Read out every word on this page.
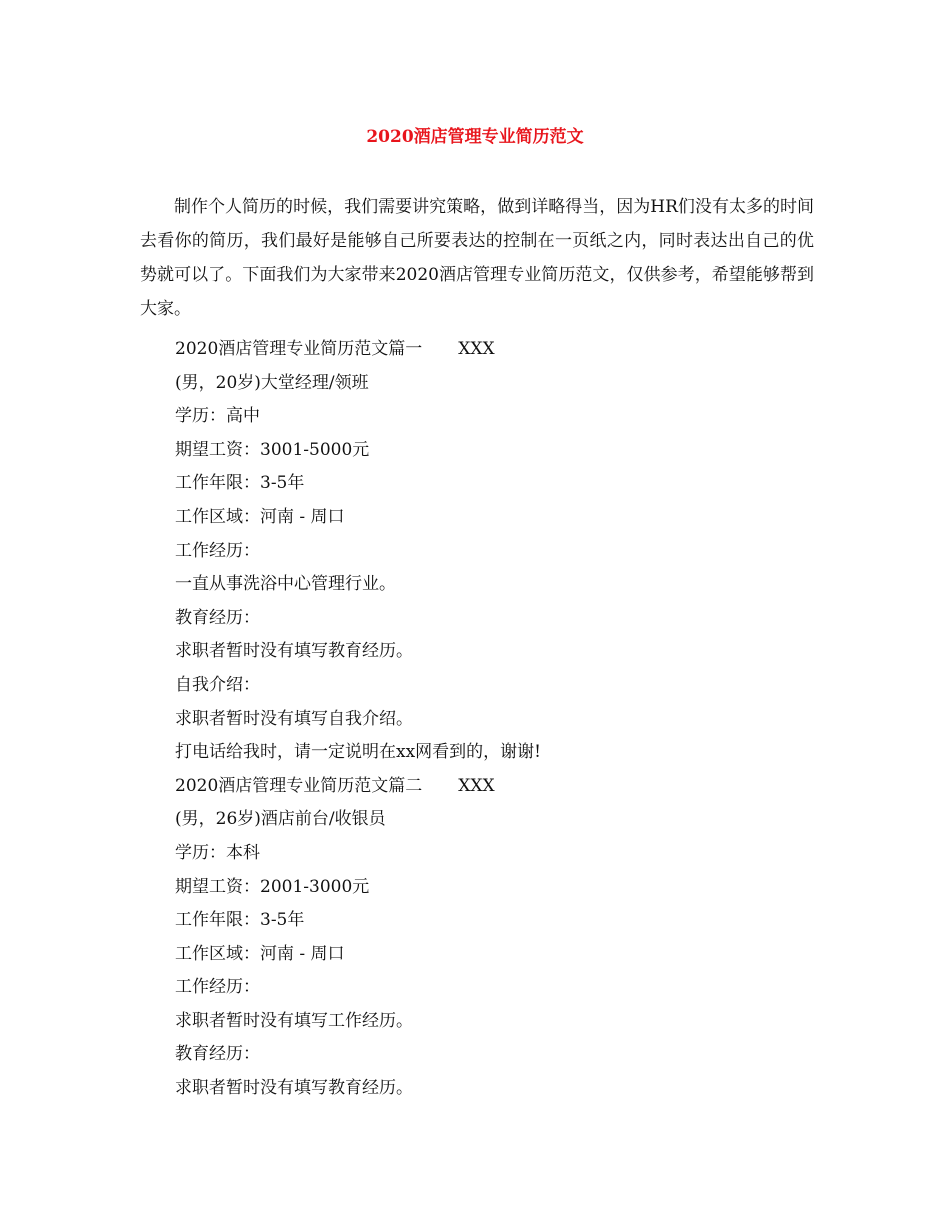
2020酒店管理专业简历范文

制作个人简历的时候，我们需要讲究策略，做到详略得当，因为HR们没有太多的时间去看你的简历，我们最好是能够自己所要表达的控制在一页纸之内，同时表达出自己的优势就可以了。下面我们为大家带来2020酒店管理专业简历范文，仅供参考，希望能够帮到大家。

2020酒店管理专业简历范文篇一 XXX
(男，20岁)大堂经理/领班
学历：高中
期望工资：3001-5000元
工作年限：3-5年
工作区域：河南 - 周口
工作经历：
一直从事洗浴中心管理行业。
教育经历：
求职者暂时没有填写教育经历。
自我介绍：
求职者暂时没有填写自我介绍。
打电话给我时，请一定说明在xx网看到的，谢谢!
2020酒店管理专业简历范文篇二 XXX
(男，26岁)酒店前台/收银员
学历：本科
期望工资：2001-3000元
工作年限：3-5年
工作区域：河南 - 周口
工作经历：
求职者暂时没有填写工作经历。
教育经历：
求职者暂时没有填写教育经历。
